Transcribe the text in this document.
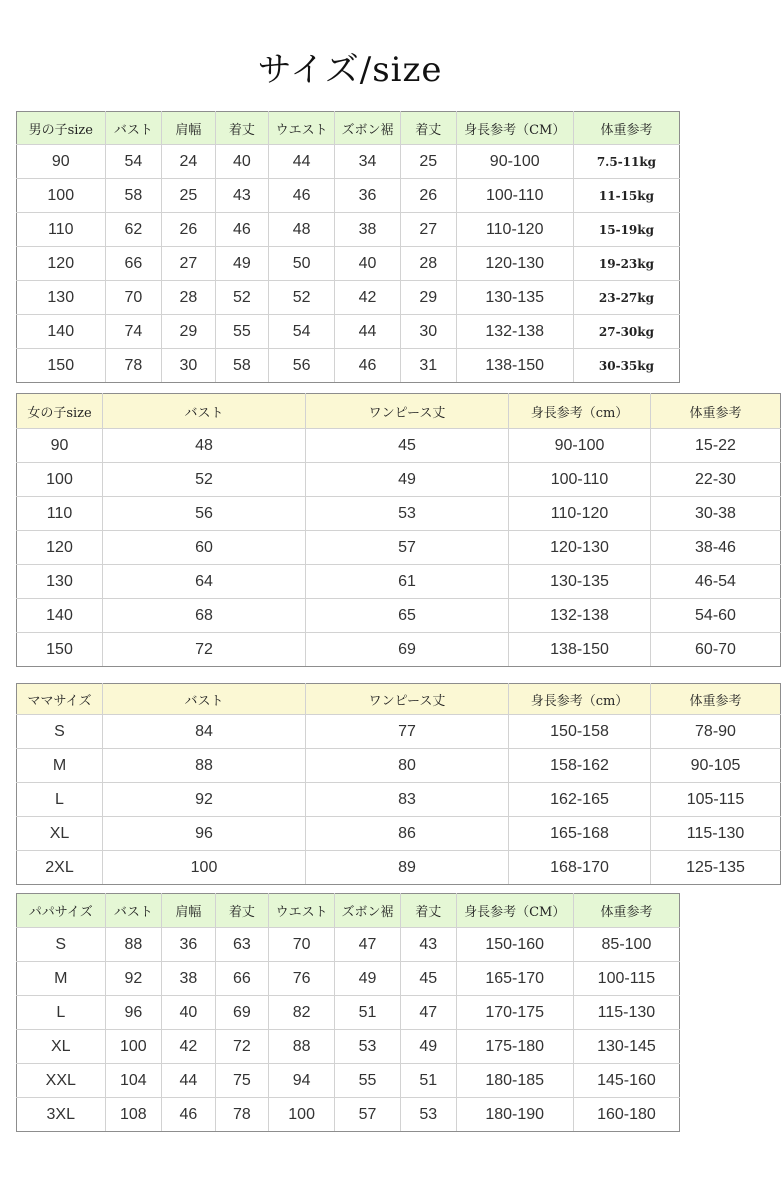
サイズ/size
男の子size	バスト	肩幅	着丈	ウエスト	ズボン裾	着丈	身長参考（CM）	体重参考
90	54	24	40	44	34	25	90-100	7.5-11kg
100	58	25	43	46	36	26	100-110	11-15kg
110	62	26	46	48	38	27	110-120	15-19kg
120	66	27	49	50	40	28	120-130	19-23kg
130	70	28	52	52	42	29	130-135	23-27kg
140	74	29	55	54	44	30	132-138	27-30kg
150	78	30	58	56	46	31	138-150	30-35kg
女の子size	バスト	ワンピース丈	身長参考（cm）	体重参考
90	48	45	90-100	15-22
100	52	49	100-110	22-30
110	56	53	110-120	30-38
120	60	57	120-130	38-46
130	64	61	130-135	46-54
140	68	65	132-138	54-60
150	72	69	138-150	60-70
ママサイズ	バスト	ワンピース丈	身長参考（cm）	体重参考
S	84	77	150-158	78-90
M	88	80	158-162	90-105
L	92	83	162-165	105-115
XL	96	86	165-168	115-130
2XL	100	89	168-170	125-135
パパサイズ	バスト	肩幅	着丈	ウエスト	ズボン裾	着丈	身長参考（CM）	体重参考
S	88	36	63	70	47	43	150-160	85-100
M	92	38	66	76	49	45	165-170	100-115
L	96	40	69	82	51	47	170-175	115-130
XL	100	42	72	88	53	49	175-180	130-145
XXL	104	44	75	94	55	51	180-185	145-160
3XL	108	46	78	100	57	53	180-190	160-180
